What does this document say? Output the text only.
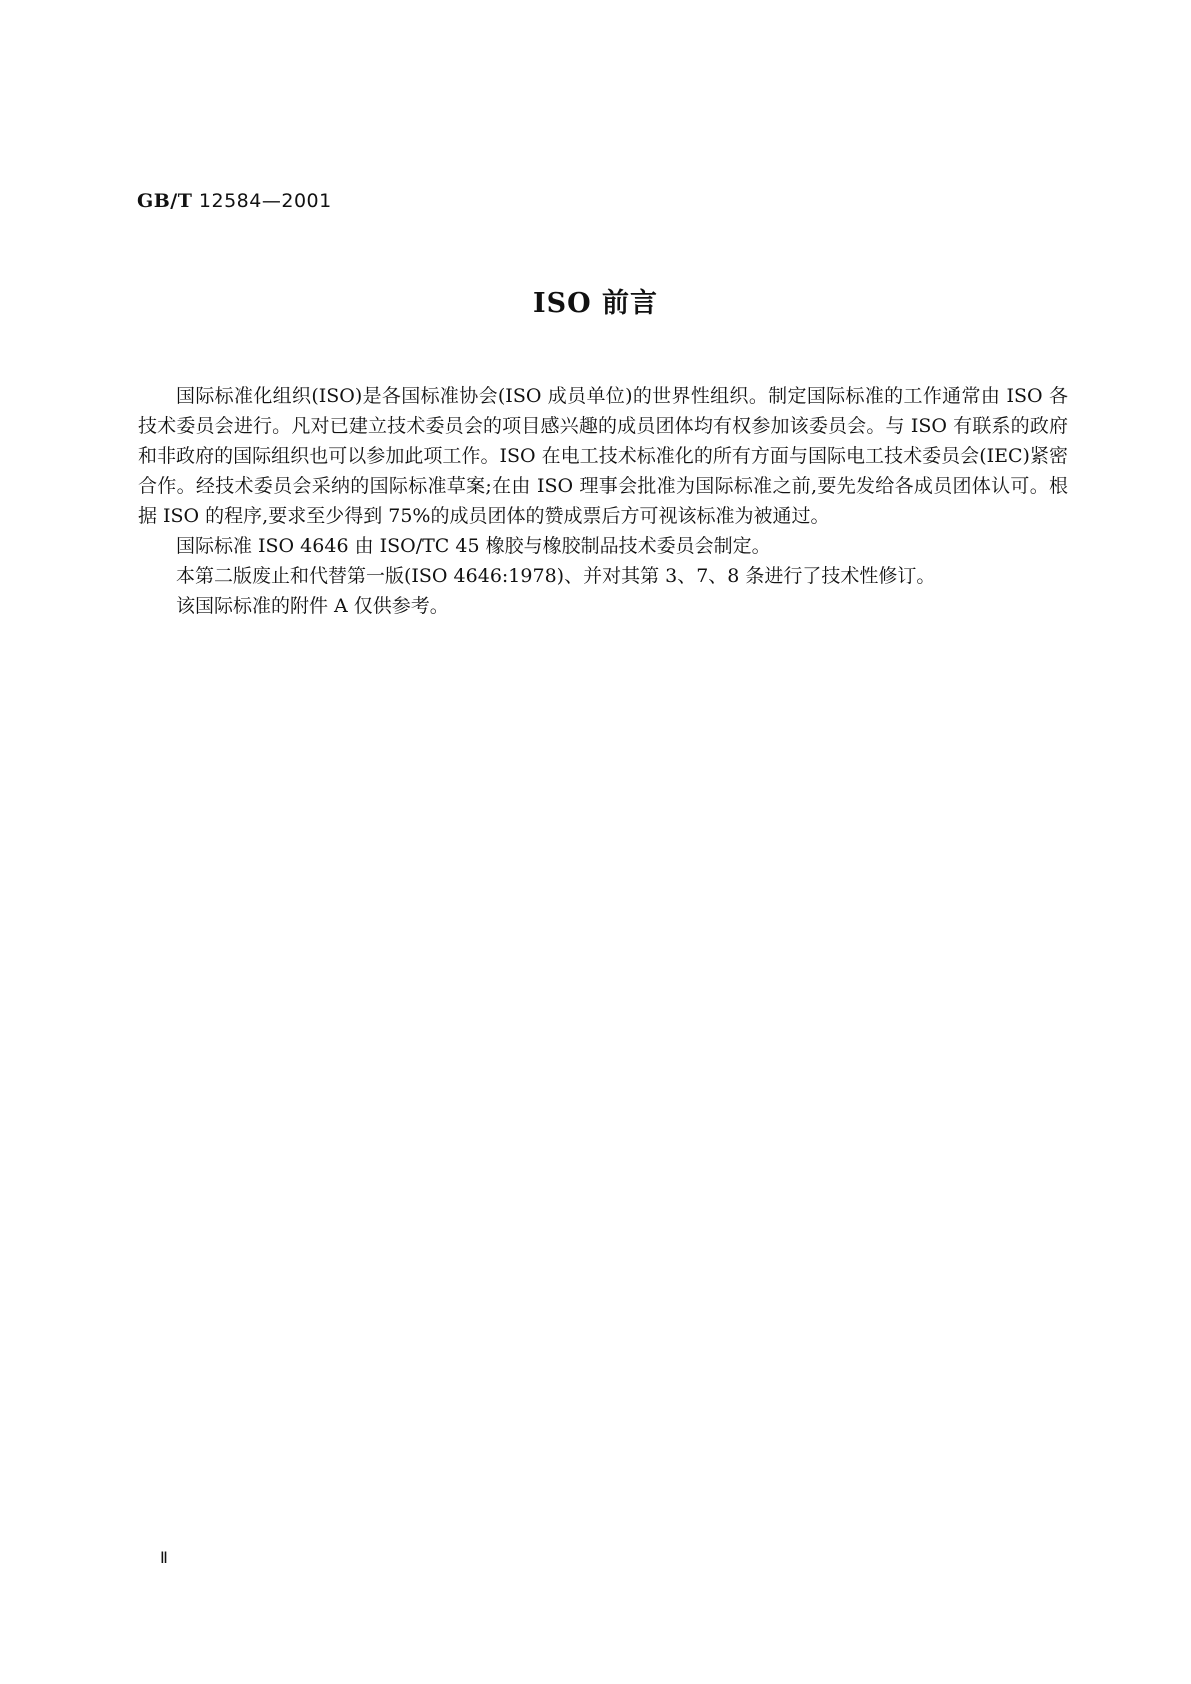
GB/T 12584—2001
ISO 前言

国际标准化组织(ISO)是各国标准协会(ISO 成员单位)的世界性组织。制定国际标准的工作通常由 ISO 各技术委员会进行。凡对已建立技术委员会的项目感兴趣的成员团体均有权参加该委员会。与 ISO 有联系的政府和非政府的国际组织也可以参加此项工作。ISO 在电工技术标准化的所有方面与国际电工技术委员会(IEC)紧密合作。经技术委员会采纳的国际标准草案;在由 ISO 理事会批准为国际标准之前,要先发给各成员团体认可。根据 ISO 的程序,要求至少得到 75%的成员团体的赞成票后方可视该标准为被通过。

国际标准 ISO 4646 由 ISO/TC 45 橡胶与橡胶制品技术委员会制定。

本第二版废止和代替第一版(ISO 4646:1978)、并对其第 3、7、8 条进行了技术性修订。

该国际标准的附件 A 仅供参考。

Ⅱ
